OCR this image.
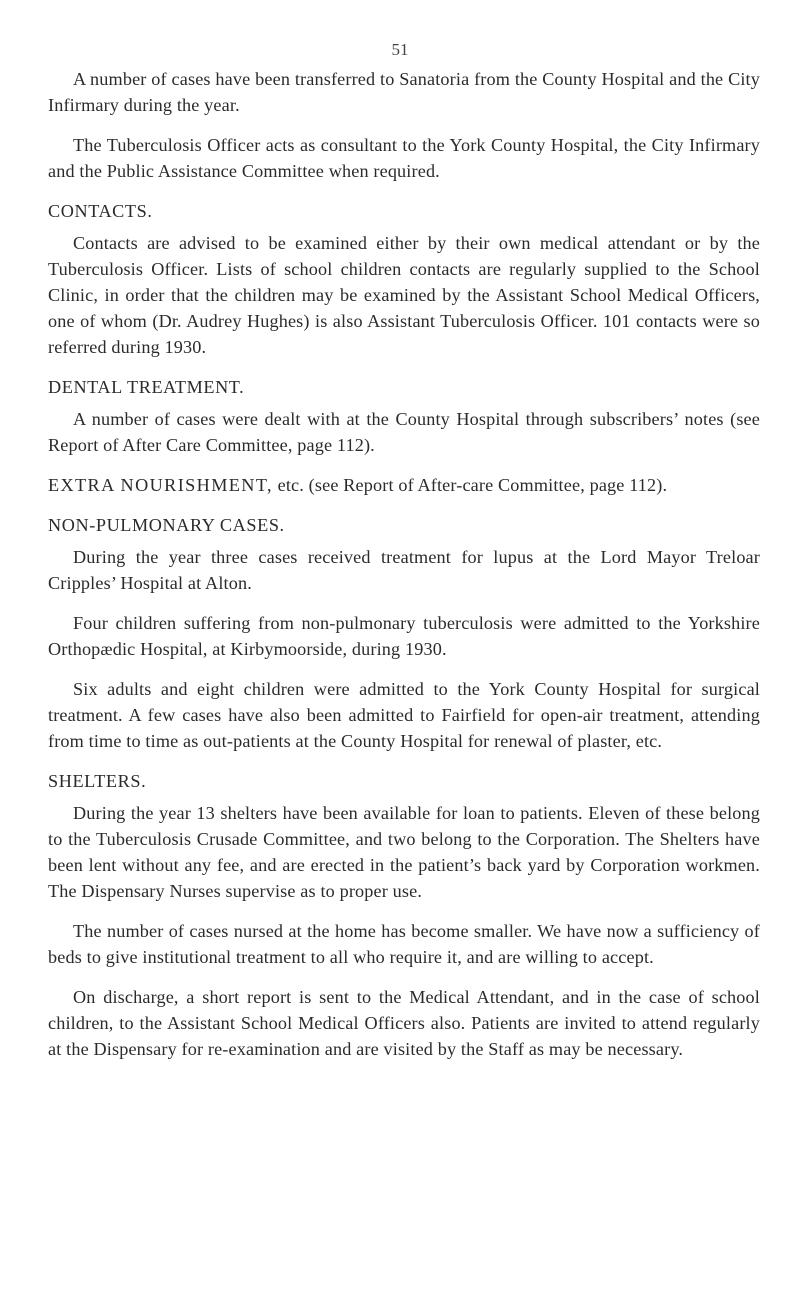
51

A number of cases have been transferred to Sanatoria from the County Hospital and the City Infirmary during the year.

The Tuberculosis Officer acts as consultant to the York County Hospital, the City Infirmary and the Public Assistance Committee when required.

CONTACTS.

Contacts are advised to be examined either by their own medical attendant or by the Tuberculosis Officer. Lists of school children contacts are regularly supplied to the School Clinic, in order that the children may be examined by the Assistant School Medical Officers, one of whom (Dr. Audrey Hughes) is also Assistant Tuberculosis Officer. 101 contacts were so referred during 1930.

DENTAL TREATMENT.

A number of cases were dealt with at the County Hospital through subscribers’ notes (see Report of After Care Committee, page 112).

EXTRA NOURISHMENT, etc. (see Report of After-care Committee, page 112).

NON-PULMONARY CASES.

During the year three cases received treatment for lupus at the Lord Mayor Treloar Cripples’ Hospital at Alton.

Four children suffering from non-pulmonary tuberculosis were admitted to the Yorkshire Orthopædic Hospital, at Kirbymoorside, during 1930.

Six adults and eight children were admitted to the York County Hospital for surgical treatment. A few cases have also been admitted to Fairfield for open-air treatment, attending from time to time as out-patients at the County Hospital for renewal of plaster, etc.

SHELTERS.

During the year 13 shelters have been available for loan to patients. Eleven of these belong to the Tuberculosis Crusade Committee, and two belong to the Corporation. The Shelters have been lent without any fee, and are erected in the patient’s back yard by Corporation workmen. The Dispensary Nurses supervise as to proper use.

The number of cases nursed at the home has become smaller. We have now a sufficiency of beds to give institutional treatment to all who require it, and are willing to accept.

On discharge, a short report is sent to the Medical Attendant, and in the case of school children, to the Assistant School Medical Officers also. Patients are invited to attend regularly at the Dispensary for re-examination and are visited by the Staff as may be necessary.
